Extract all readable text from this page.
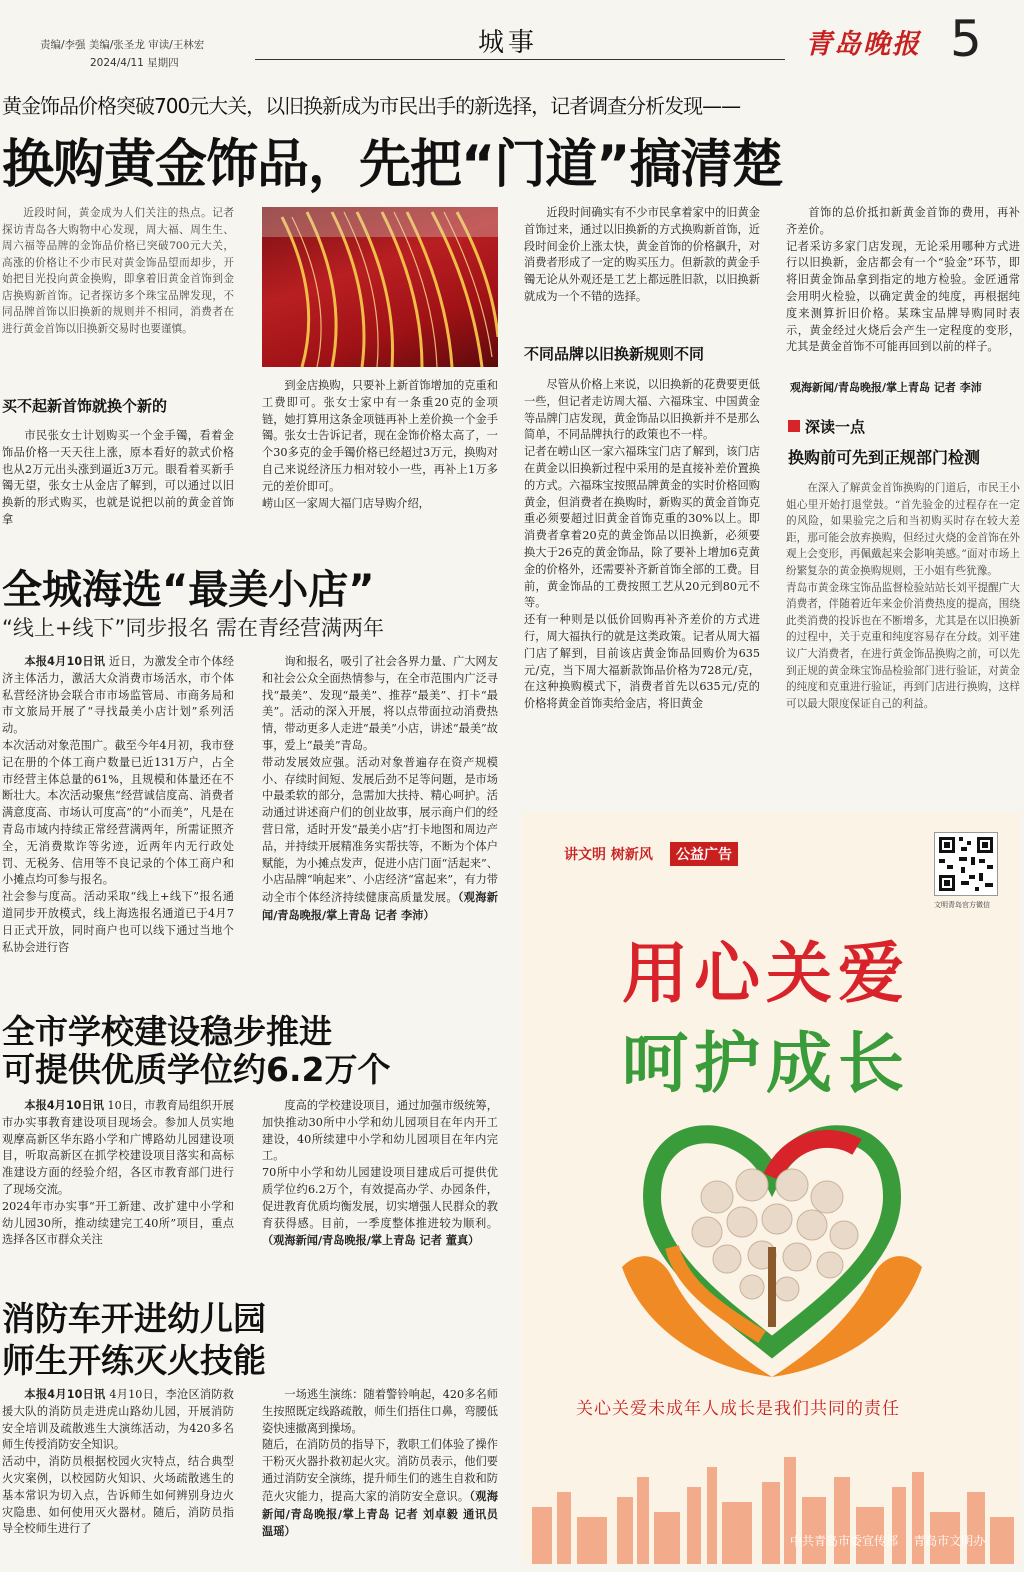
责编/李强 美编/张圣龙 审读/王林宏
2024/4/11 星期四
城事	青岛晚报 5
黄金饰品价格突破700元大关，以旧换新成为市民出手的新选择，记者调查分析发现——
换购黄金饰品，先把“门道”搞清楚

近段时间，黄金成为人们关注的热点。记者探访青岛各大购物中心发现，周大福、周生生、周六福等品牌的金饰品价格已突破700元大关，高涨的价格让不少市民对黄金饰品望而却步，开始把目光投向黄金换购，即拿着旧黄金首饰到金店换购新首饰。记者探访多个珠宝品牌发现，不同品牌首饰以旧换新的规则并不相同，消费者在进行黄金首饰以旧换新交易时也要谨慎。

买不起新首饰就换个新的

市民张女士计划购买一个金手镯，看着金饰品价格一天天往上涨，原本看好的款式价格也从2万元出头涨到逼近3万元。眼看着买新手镯无望，张女士从金店了解到，可以通过以旧换新的形式购买，也就是说把以前的黄金首饰拿

到金店换购，只要补上新首饰增加的克重和工费即可。张女士家中有一条重20克的金项链，她打算用这条金项链再补上差价换一个金手镯。张女士告诉记者，现在金饰价格太高了，一个30多克的金手镯价格已经超过3万元，换购对自己来说经济压力相对较小一些，再补上1万多元的差价即可。
崂山区一家周大福门店导购介绍，

近段时间确实有不少市民拿着家中的旧黄金首饰过来，通过以旧换新的方式换购新首饰，近段时间金价上涨太快，黄金首饰的价格飙升，对消费者形成了一定的购买压力。但新款的黄金手镯无论从外观还是工艺上都远胜旧款，以旧换新就成为一个不错的选择。

不同品牌以旧换新规则不同

尽管从价格上来说，以旧换新的花费要更低一些，但记者走访周大福、六福珠宝、中国黄金等品牌门店发现，黄金饰品以旧换新并不是那么简单，不同品牌执行的政策也不一样。
记者在崂山区一家六福珠宝门店了解到，该门店在黄金以旧换新过程中采用的是直接补差价置换的方式。六福珠宝按照品牌黄金的实时价格回购黄金，但消费者在换购时，新购买的黄金首饰克重必须要超过旧黄金首饰克重的30%以上。即消费者拿着20克的黄金饰品以旧换新，必须要换大于26克的黄金饰品，除了要补上增加6克黄金的价格外，还需要补齐新首饰全部的工费。目前，黄金饰品的工费按照工艺从20元到80元不等。
还有一种则是以低价回购再补齐差价的方式进行，周大福执行的就是这类政策。记者从周大福门店了解到，目前该店黄金饰品回购价为635元/克，当下周大福新款饰品价格为728元/克，在这种换购模式下，消费者首先以635元/克的价格将黄金首饰卖给金店，将旧黄金

首饰的总价抵扣新黄金首饰的费用，再补齐差价。
记者采访多家门店发现，无论采用哪种方式进行以旧换新，金店都会有一个“验金”环节，即将旧黄金饰品拿到指定的地方检验。金匠通常会用明火检验，以确定黄金的纯度，再根据纯度来测算折旧价格。某珠宝品牌导购同时表示，黄金经过火烧后会产生一定程度的变形，尤其是黄金首饰不可能再回到以前的样子。

观海新闻/青岛晚报/掌上青岛 记者 李沛
深读一点
换购前可先到正规部门检测

在深入了解黄金首饰换购的门道后，市民王小姐心里开始打退堂鼓。“首先验金的过程存在一定的风险，如果验完之后和当初购买时存在较大差距，那可能会放弃换购，但经过火烧的金首饰在外观上会变形，再佩戴起来会影响美感。”面对市场上纷繁复杂的黄金换购规则，王小姐有些犹豫。
青岛市黄金珠宝饰品监督检验站站长刘平提醒广大消费者，伴随着近年来金价消费热度的提高，围绕此类消费的投诉也在不断增多，尤其是在以旧换新的过程中，关于克重和纯度容易存在分歧。刘平建议广大消费者，在进行黄金饰品换购之前，可以先到正规的黄金珠宝饰品检验部门进行验证，对黄金的纯度和克重进行验证，再到门店进行换购，这样可以最大限度保证自己的利益。

全城海选“最美小店”
“线上+线下”同步报名 需在青经营满两年

本报4月10日讯 近日，为激发全市个体经济主体活力，激活大众消费市场活水，市个体私营经济协会联合市市场监管局、市商务局和市文旅局开展了“寻找最美小店计划”系列活动。
本次活动对象范围广。截至今年4月初，我市登记在册的个体工商户数量已近131万户，占全市经营主体总量的61%，且规模和体量还在不断壮大。本次活动聚焦“经营诚信度高、消费者满意度高、市场认可度高”的“小而美”，凡是在青岛市域内持续正常经营满两年，所需证照齐全，无消费欺诈等劣迹，近两年内无行政处罚、无税务、信用等不良记录的个体工商户和小摊点均可参与报名。
社会参与度高。活动采取“线上+线下”报名通道同步开放模式，线上海选报名通道已于4月7日正式开放，同时商户也可以线下通过当地个私协会进行咨

询和报名，吸引了社会各界力量、广大网友和社会公众全面热情参与，在全市范围内广泛寻找“最美”、发现“最美”、推荐“最美”、打卡“最美”。活动的深入开展，将以点带面拉动消费热情，带动更多人走进“最美”小店，讲述“最美”故事，爱上“最美”青岛。
带动发展效应强。活动对象普遍存在资产规模小、存续时间短、发展后劲不足等问题，是市场中最柔软的部分，急需加大扶持、精心呵护。活动通过讲述商户们的创业故事，展示商户们的经营日常，适时开发“最美小店”打卡地图和周边产品，并持续开展精准务实帮扶等，不断为个体户赋能，为小摊点发声，促进小店门面“活起来”、小店品牌“响起来”、小店经济“富起来”，有力带动全市个体经济持续健康高质量发展。（观海新闻/青岛晚报/掌上青岛 记者 李沛）

全市学校建设稳步推进
可提供优质学位约6.2万个

本报4月10日讯 10日，市教育局组织开展市办实事教育建设项目现场会。参加人员实地观摩高新区华东路小学和广博路幼儿园建设项目，听取高新区在抓学校建设项目落实和高标准建设方面的经验介绍，各区市教育部门进行了现场交流。
2024年市办实事“开工新建、改扩建中小学和幼儿园30所，推动续建完工40所”项目，重点选择各区市群众关注

度高的学校建设项目，通过加强市级统筹，加快推动30所中小学和幼儿园项目在年内开工建设，40所续建中小学和幼儿园项目在年内完工。
70所中小学和幼儿园建设项目建成后可提供优质学位约6.2万个，有效提高办学、办园条件，促进教育优质均衡发展，切实增强人民群众的教育获得感。目前，一季度整体推进较为顺利。（观海新闻/青岛晚报/掌上青岛 记者 董真）

消防车开进幼儿园
师生开练灭火技能

本报4月10日讯 4月10日，李沧区消防救援大队的消防员走进虎山路幼儿园，开展消防安全培训及疏散逃生大演练活动，为420多名师生传授消防安全知识。
活动中，消防员根据校园火灾特点，结合典型火灾案例，以校园防火知识、火场疏散逃生的基本常识为切入点，告诉师生如何辨别身边火灾隐患、如何使用灭火器材。随后，消防员指导全校师生进行了

一场逃生演练：随着警铃响起，420多名师生按照既定线路疏散，师生们捂住口鼻，弯腰低姿快速撤离到操场。
随后，在消防员的指导下，教职工们体验了操作干粉灭火器扑救初起火灾。消防员表示，他们要通过消防安全演练，提升师生们的逃生自救和防范火灾能力，提高大家的消防安全意识。（观海新闻/青岛晚报/掌上青岛 记者 刘卓毅 通讯员 温瑶）

讲文明 树新风	公益广告
文明青岛官方微信
用心关爱
呵护成长
关心关爱未成年人成长是我们共同的责任
中共青岛市委宣传部    青岛市文明办
